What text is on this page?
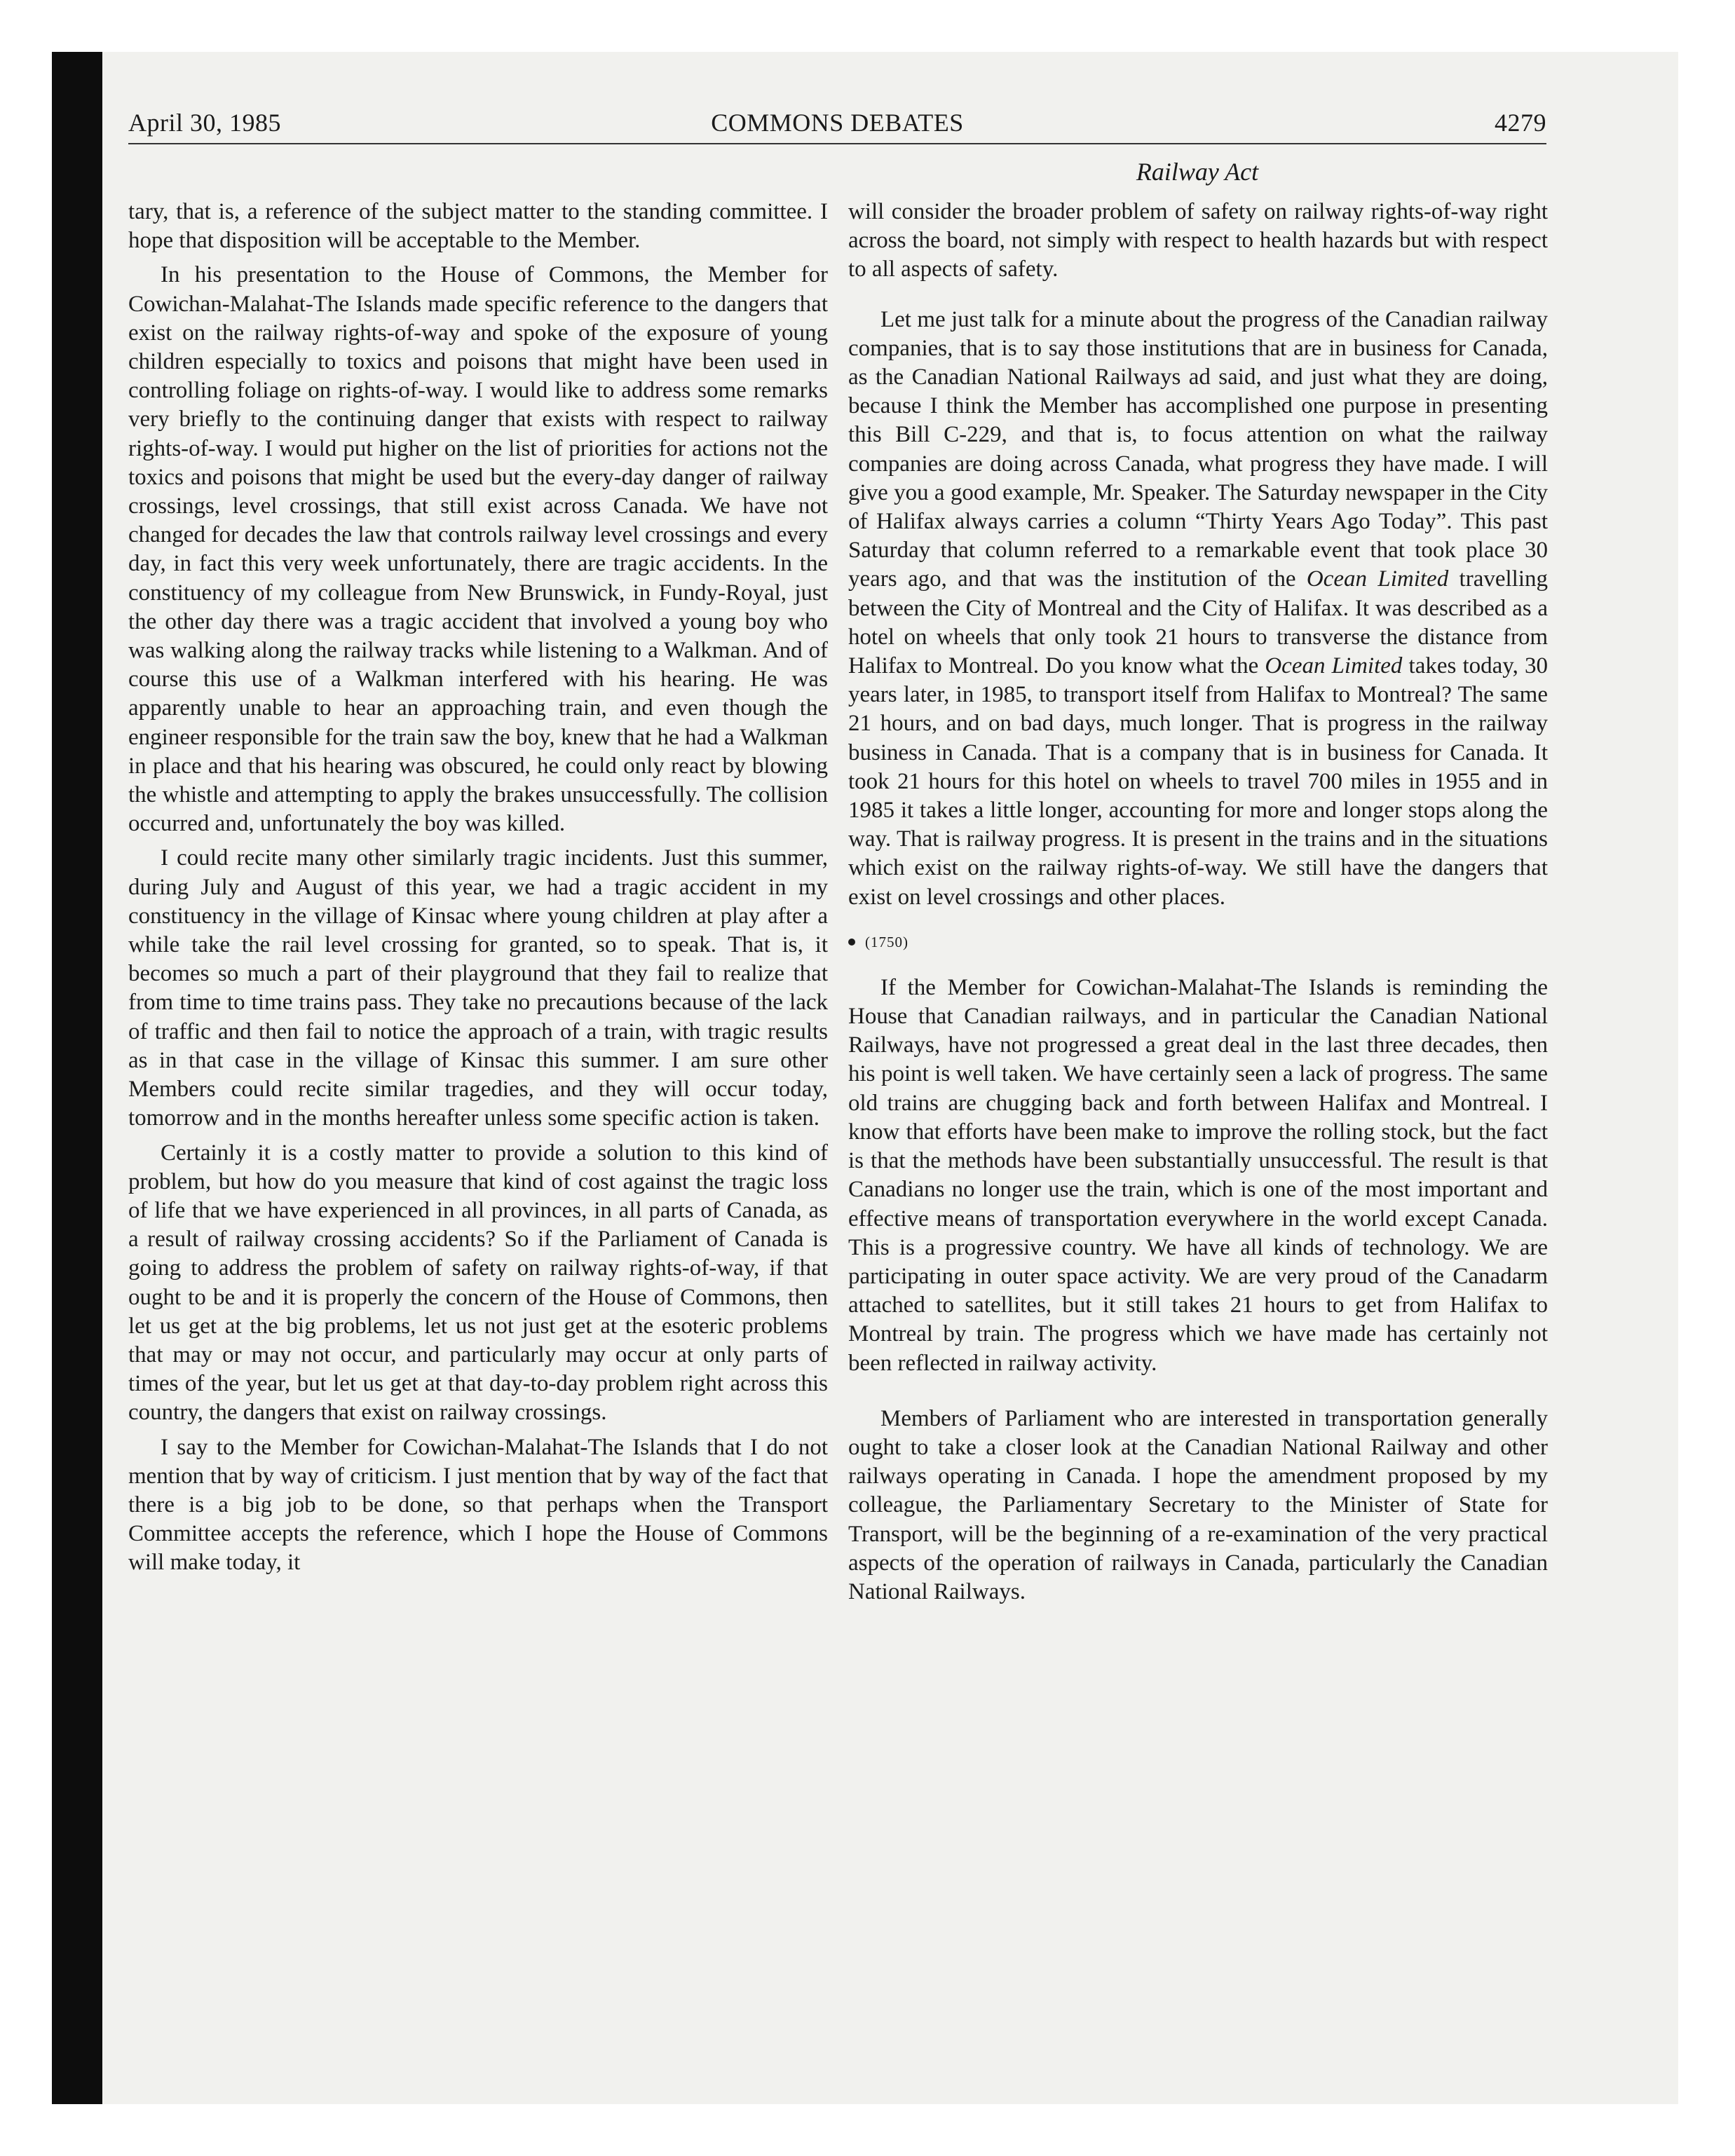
COMMONS DEBATES
April 30, 1985	4279
Railway Act

tary, that is, a reference of the subject matter to the standing committee. I hope that disposition will be acceptable to the Member.

In his presentation to the House of Commons, the Member for Cowichan-Malahat-The Islands made specific reference to the dangers that exist on the railway rights-of-way and spoke of the exposure of young children especially to toxics and poisons that might have been used in controlling foliage on rights-of-way. I would like to address some remarks very briefly to the continuing danger that exists with respect to railway rights-of-way. I would put higher on the list of priorities for actions not the toxics and poisons that might be used but the every-day danger of railway crossings, level crossings, that still exist across Canada. We have not changed for decades the law that controls railway level crossings and every day, in fact this very week unfortunately, there are tragic accidents. In the constituency of my colleague from New Brunswick, in Fundy-Royal, just the other day there was a tragic accident that involved a young boy who was walking along the railway tracks while listening to a Walkman. And of course this use of a Walkman interfered with his hearing. He was apparently unable to hear an approaching train, and even though the engineer responsible for the train saw the boy, knew that he had a Walkman in place and that his hearing was obscured, he could only react by blowing the whistle and attempting to apply the brakes unsuccessfully. The collision occurred and, unfortunately the boy was killed.

I could recite many other similarly tragic incidents. Just this summer, during July and August of this year, we had a tragic accident in my constituency in the village of Kinsac where young children at play after a while take the rail level crossing for granted, so to speak. That is, it becomes so much a part of their playground that they fail to realize that from time to time trains pass. They take no precautions because of the lack of traffic and then fail to notice the approach of a train, with tragic results as in that case in the village of Kinsac this summer. I am sure other Members could recite similar tragedies, and they will occur today, tomorrow and in the months hereafter unless some specific action is taken.

Certainly it is a costly matter to provide a solution to this kind of problem, but how do you measure that kind of cost against the tragic loss of life that we have experienced in all provinces, in all parts of Canada, as a result of railway crossing accidents? So if the Parliament of Canada is going to address the problem of safety on railway rights-of-way, if that ought to be and it is properly the concern of the House of Commons, then let us get at the big problems, let us not just get at the esoteric problems that may or may not occur, and particularly may occur at only parts of times of the year, but let us get at that day-to-day problem right across this country, the dangers that exist on railway crossings.

I say to the Member for Cowichan-Malahat-The Islands that I do not mention that by way of criticism. I just mention that by way of the fact that there is a big job to be done, so that perhaps when the Transport Committee accepts the reference, which I hope the House of Commons will make today, it

will consider the broader problem of safety on railway rights-of-way right across the board, not simply with respect to health hazards but with respect to all aspects of safety.

Let me just talk for a minute about the progress of the Canadian railway companies, that is to say those institutions that are in business for Canada, as the Canadian National Railways ad said, and just what they are doing, because I think the Member has accomplished one purpose in presenting this Bill C-229, and that is, to focus attention on what the railway companies are doing across Canada, what progress they have made. I will give you a good example, Mr. Speaker. The Saturday newspaper in the City of Halifax always carries a column “Thirty Years Ago Today”. This past Saturday that column referred to a remarkable event that took place 30 years ago, and that was the institution of the Ocean Limited travelling between the City of Montreal and the City of Halifax. It was described as a hotel on wheels that only took 21 hours to transverse the distance from Halifax to Montreal. Do you know what the Ocean Limited takes today, 30 years later, in 1985, to transport itself from Halifax to Montreal? The same 21 hours, and on bad days, much longer. That is progress in the railway business in Canada. That is a company that is in business for Canada. It took 21 hours for this hotel on wheels to travel 700 miles in 1955 and in 1985 it takes a little longer, accounting for more and longer stops along the way. That is railway progress. It is present in the trains and in the situations which exist on the railway rights-of-way. We still have the dangers that exist on level crossings and other places.

(1750)

If the Member for Cowichan-Malahat-The Islands is reminding the House that Canadian railways, and in particular the Canadian National Railways, have not progressed a great deal in the last three decades, then his point is well taken. We have certainly seen a lack of progress. The same old trains are chugging back and forth between Halifax and Montreal. I know that efforts have been make to improve the rolling stock, but the fact is that the methods have been substantially unsuccessful. The result is that Canadians no longer use the train, which is one of the most important and effective means of transportation everywhere in the world except Canada. This is a progressive country. We have all kinds of technology. We are participating in outer space activity. We are very proud of the Canadarm attached to satellites, but it still takes 21 hours to get from Halifax to Montreal by train. The progress which we have made has certainly not been reflected in railway activity.

Members of Parliament who are interested in transportation generally ought to take a closer look at the Canadian National Railway and other railways operating in Canada. I hope the amendment proposed by my colleague, the Parliamentary Secretary to the Minister of State for Transport, will be the beginning of a re-examination of the very practical aspects of the operation of railways in Canada, particularly the Canadian National Railways.
